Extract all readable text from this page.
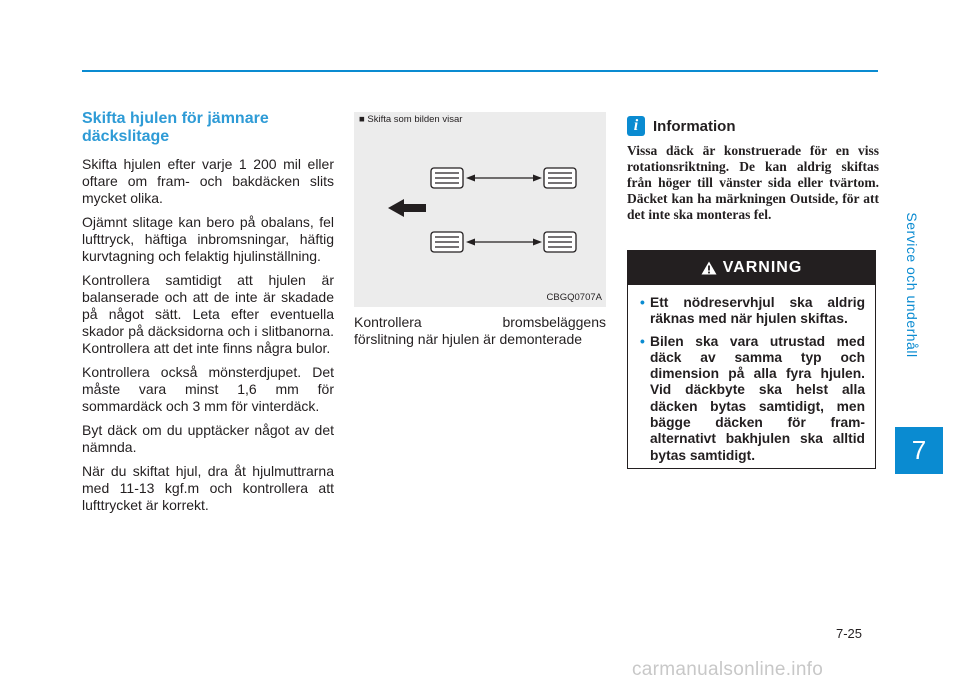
Service och underhåll
7
Skifta hjulen för jämnare däckslitage

Skifta hjulen efter varje 1 200 mil eller oftare om fram- och bakdäcken slits mycket olika.

Ojämnt slitage kan bero på obalans, fel lufttryck, häftiga inbromsningar, häftig kurvtagning och felaktig hjulinställning.

Kontrollera samtidigt att hjulen är balanserade och att de inte är skadade på något sätt. Leta efter eventuella skador på däcksidorna och i slitbanorna. Kontrollera att det inte finns några bulor.

Kontrollera också mönsterdjupet. Det måste vara minst 1,6 mm för sommardäck och 3 mm för vinterdäck.

Byt däck om du upptäcker något av det nämnda.

När du skiftat hjul, dra åt hjulmuttrarna med 11-13 kgf.m och kontrollera att lufttrycket är korrekt.

■ Skifta som bilden visar
CBGQ0707A
Kontrollera	bromsbeläggens
förslitning när hjulen är demonterade
i Information

Vissa däck är konstruerade för en viss rotationsriktning. De kan aldrig skiftas från höger till vänster sida eller tvärtom. Däcket kan ha märkningen Outside, för att det inte ska monteras fel.

VARNING
• Ett nödreservhjul ska aldrig räknas med när hjulen skiftas.
• Bilen ska vara utrustad med däck av samma typ och dimension på alla fyra hjulen. Vid däckbyte ska helst alla däcken bytas samtidigt, men bägge däcken för fram-alternativt bakhjulen ska alltid bytas samtidigt.
7-25
carmanualsonline.info
